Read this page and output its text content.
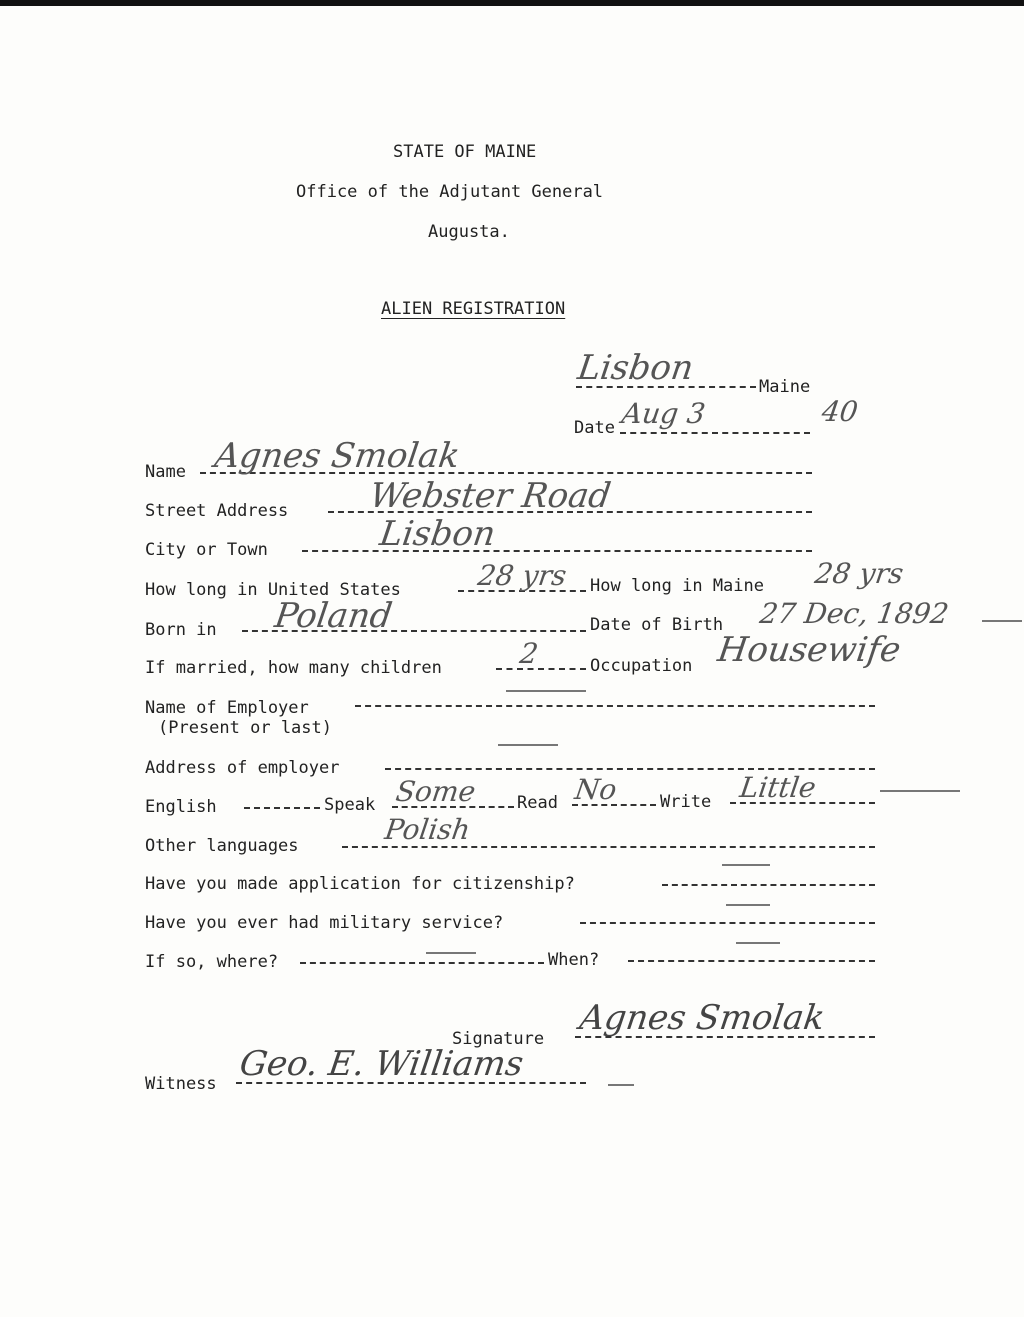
STATE OF MAINE
Office of the Adjutant General
Augusta.
ALIEN REGISTRATION
Lisbon	Maine
Date Aug 3	40
Name Agnes Smolak
Street Address Webster Road
City or Town	Lisbon
How long in United States	28 yrs How long in Maine 28 yrs
Born in Poland	Date of Birth 27 Dec, 1892
If married, how many children	2	Occupation Housewife
Name of Employer
(Present or last)
Address of employer
English	Speak Some Read No Write Little
Other languages	Polish
Have you made application for citizenship?
Have you ever had military service?
If so, where?	When?
Signature
Agnes Smolak
Witness Geo. E. Williams
